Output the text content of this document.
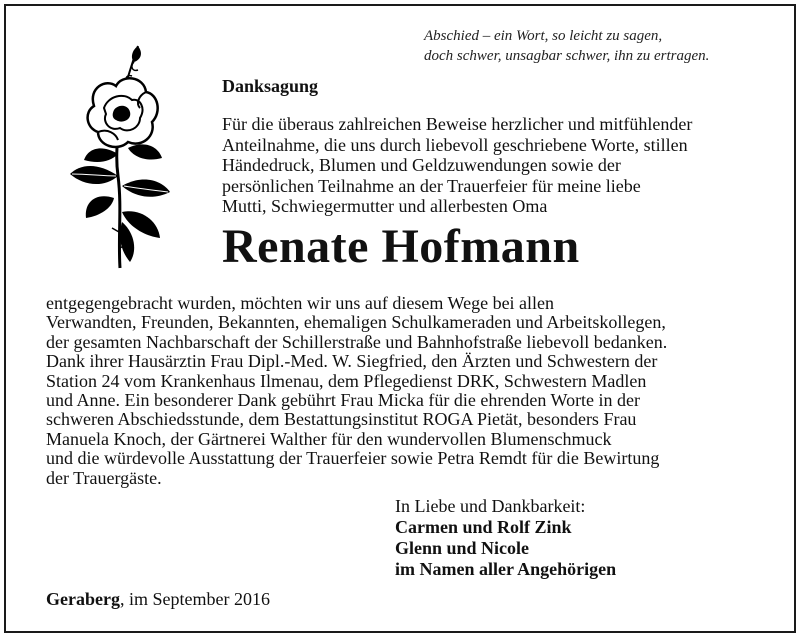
Abschied – ein Wort, so leicht zu sagen,
doch schwer, unsagbar schwer, ihn zu ertragen.
Danksagung
Für die überaus zahlreichen Beweise herzlicher und mitfühlender
Anteilnahme, die uns durch liebevoll geschriebene Worte, stillen
Händedruck, Blumen und Geldzuwendungen sowie der
persönlichen Teilnahme an der Trauerfeier für meine liebe
Mutti, Schwiegermutter und allerbesten Oma
Renate Hofmann
entgegengebracht wurden, möchten wir uns auf diesem Wege bei allen
Verwandten, Freunden, Bekannten, ehemaligen Schulkameraden und Arbeitskollegen,
der gesamten Nachbarschaft der Schillerstraße und Bahnhofstraße liebevoll bedanken.
Dank ihrer Hausärztin Frau Dipl.-Med. W. Siegfried, den Ärzten und Schwestern der
Station 24 vom Krankenhaus Ilmenau, dem Pflegedienst DRK, Schwestern Madlen
und Anne. Ein besonderer Dank gebührt Frau Micka für die ehrenden Worte in der
schweren Abschiedsstunde, dem Bestattungsinstitut ROGA Pietät, besonders Frau
Manuela Knoch, der Gärtnerei Walther für den wundervollen Blumenschmuck
und die würdevolle Ausstattung der Trauerfeier sowie Petra Remdt für die Bewirtung
der Trauergäste.
In Liebe und Dankbarkeit:
Carmen und Rolf Zink
Glenn und Nicole
im Namen aller Angehörigen
Geraberg, im September 2016
